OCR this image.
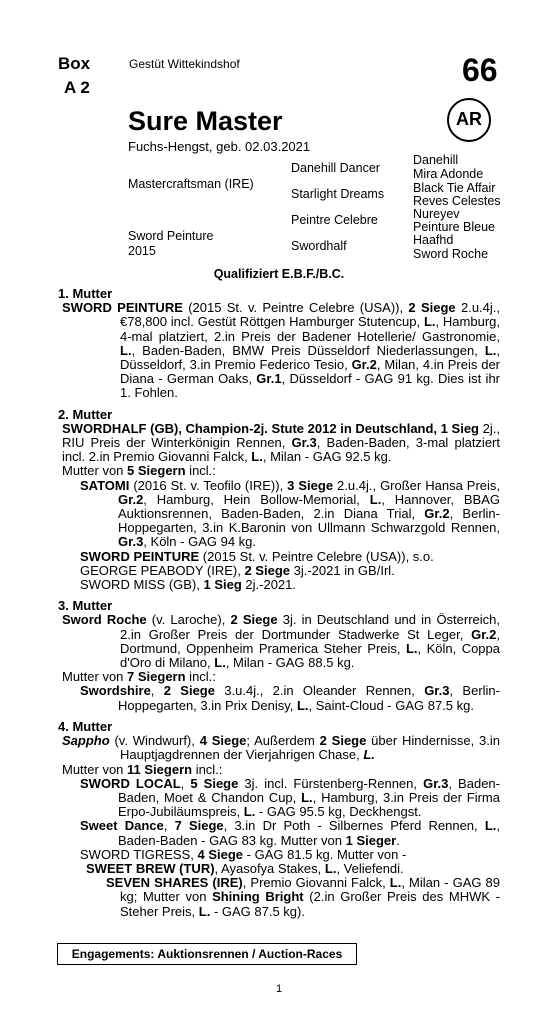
Box
A 2
Gestüt Wittekindshof	66
AR
Sure Master
Fuchs-Hengst, geb. 02.03.2021
Mastercraftsman (IRE)
Danehill Dancer
Starlight Dreams
Danehill
Mira Adonde
Black Tie Affair
Reves Celestes
Sword Peinture
2015
Peintre Celebre
Swordhalf
Nureyev
Peinture Bleue
Haafhd
Sword Roche
Qualifiziert E.B.F./B.C.
1. Mutter
SWORD PEINTURE (2015 St. v. Peintre Celebre (USA)), 2 Siege 2.u.4j., €78,800 incl. Gestüt Röttgen Hamburger Stutencup, L., Hamburg, 4-mal platziert, 2.in Preis der Badener Hotellerie/ Gastronomie, L., Baden-Baden, BMW Preis Düsseldorf Niederlassungen, L., Düsseldorf, 3.in Premio Federico Tesio, Gr.2, Milan, 4.in Preis der Diana - German Oaks, Gr.1, Düsseldorf - GAG 91 kg. Dies ist ihr 1. Fohlen.
2. Mutter
SWORDHALF (GB), Champion-2j. Stute 2012 in Deutschland, 1 Sieg 2j., RIU Preis der Winterkönigin Rennen, Gr.3, Baden-Baden, 3-mal platziert incl. 2.in Premio Giovanni Falck, L., Milan - GAG 92.5 kg.
Mutter von 5 Siegern incl.:
SATOMI (2016 St. v. Teofilo (IRE)), 3 Siege 2.u.4j., Großer Hansa Preis, Gr.2, Hamburg, Hein Bollow-Memorial, L., Hannover, BBAG Auktionsrennen, Baden-Baden, 2.in Diana Trial, Gr.2, Berlin-Hoppegarten, 3.in K.Baronin von Ullmann Schwarzgold Rennen, Gr.3, Köln - GAG 94 kg.
SWORD PEINTURE (2015 St. v. Peintre Celebre (USA)), s.o.
GEORGE PEABODY (IRE), 2 Siege 3j.-2021 in GB/Irl.
SWORD MISS (GB), 1 Sieg 2j.-2021.
3. Mutter
Sword Roche (v. Laroche), 2 Siege 3j. in Deutschland und in Österreich, 2.in Großer Preis der Dortmunder Stadwerke St Leger, Gr.2, Dortmund, Oppenheim Pramerica Steher Preis, L., Köln, Coppa d'Oro di Milano, L., Milan - GAG 88.5 kg.
Mutter von 7 Siegern incl.:
Swordshire, 2 Siege 3.u.4j., 2.in Oleander Rennen, Gr.3, Berlin-Hoppegarten, 3.in Prix Denisy, L., Saint-Cloud - GAG 87.5 kg.
4. Mutter
Sappho (v. Windwurf), 4 Siege; Außerdem 2 Siege über Hindernisse, 3.in Hauptjagdrennen der Vierjahrigen Chase, L.
Mutter von 11 Siegern incl.:
SWORD LOCAL, 5 Siege 3j. incl. Fürstenberg-Rennen, Gr.3, Baden-Baden, Moet & Chandon Cup, L., Hamburg, 3.in Preis der Firma Erpo-Jubiläumspreis, L. - GAG 95.5 kg, Deckhengst.
Sweet Dance, 7 Siege, 3.in Dr Poth - Silbernes Pferd Rennen, L., Baden-Baden - GAG 83 kg. Mutter von 1 Sieger.
SWORD TIGRESS, 4 Siege - GAG 81.5 kg. Mutter von -
SWEET BREW (TUR), Ayasofya Stakes, L., Veliefendi.
SEVEN SHARES (IRE), Premio Giovanni Falck, L., Milan - GAG 89 kg; Mutter von Shining Bright (2.in Großer Preis des MHWK - Steher Preis, L. - GAG 87.5 kg).
Engagements: Auktionsrennen / Auction-Races
1
